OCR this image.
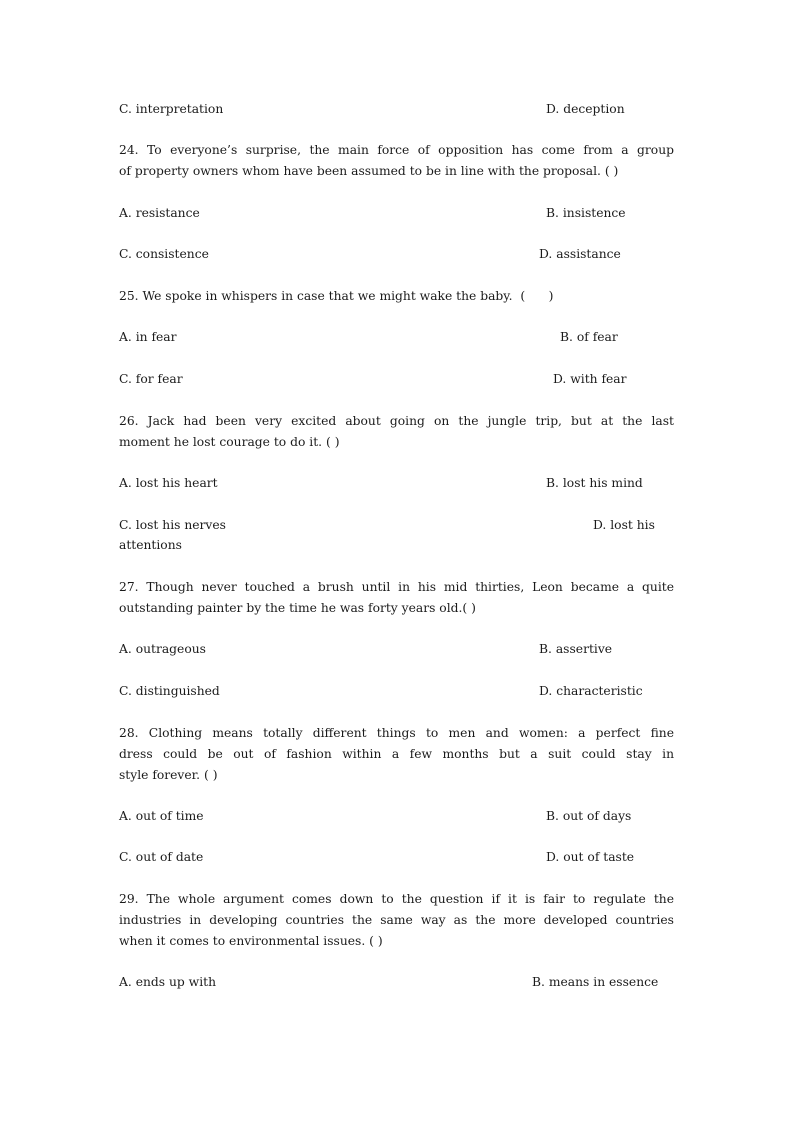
C. interpretation	D. deception
24. To everyone’s surprise, the main force of opposition has come from a group
of property owners whom have been assumed to be in line with the proposal. ( )
A. resistance	B. insistence
C. consistence	D. assistance
25. We spoke in whispers in case that we might wake the baby.  (      )
A. in fear	B. of fear
C. for fear	D. with fear
26. Jack had been very excited about going on the jungle trip, but at the last
moment he lost courage to do it. ( )
A. lost his heart	B. lost his mind
C. lost his nerves	D. lost his
attentions
27. Though never touched a brush until in his mid thirties, Leon became a quite
outstanding painter by the time he was forty years old.( )
A. outrageous	B. assertive
C. distinguished	D. characteristic
28. Clothing means totally different things to men and women: a perfect fine
dress could be out of fashion within a few months but a suit could stay in
style forever. ( )
A. out of time	B. out of days
C. out of date	D. out of taste
29. The whole argument comes down to the question if it is fair to regulate the
industries in developing countries the same way as the more developed countries
when it comes to environmental issues. ( )
A. ends up with	B. means in essence
